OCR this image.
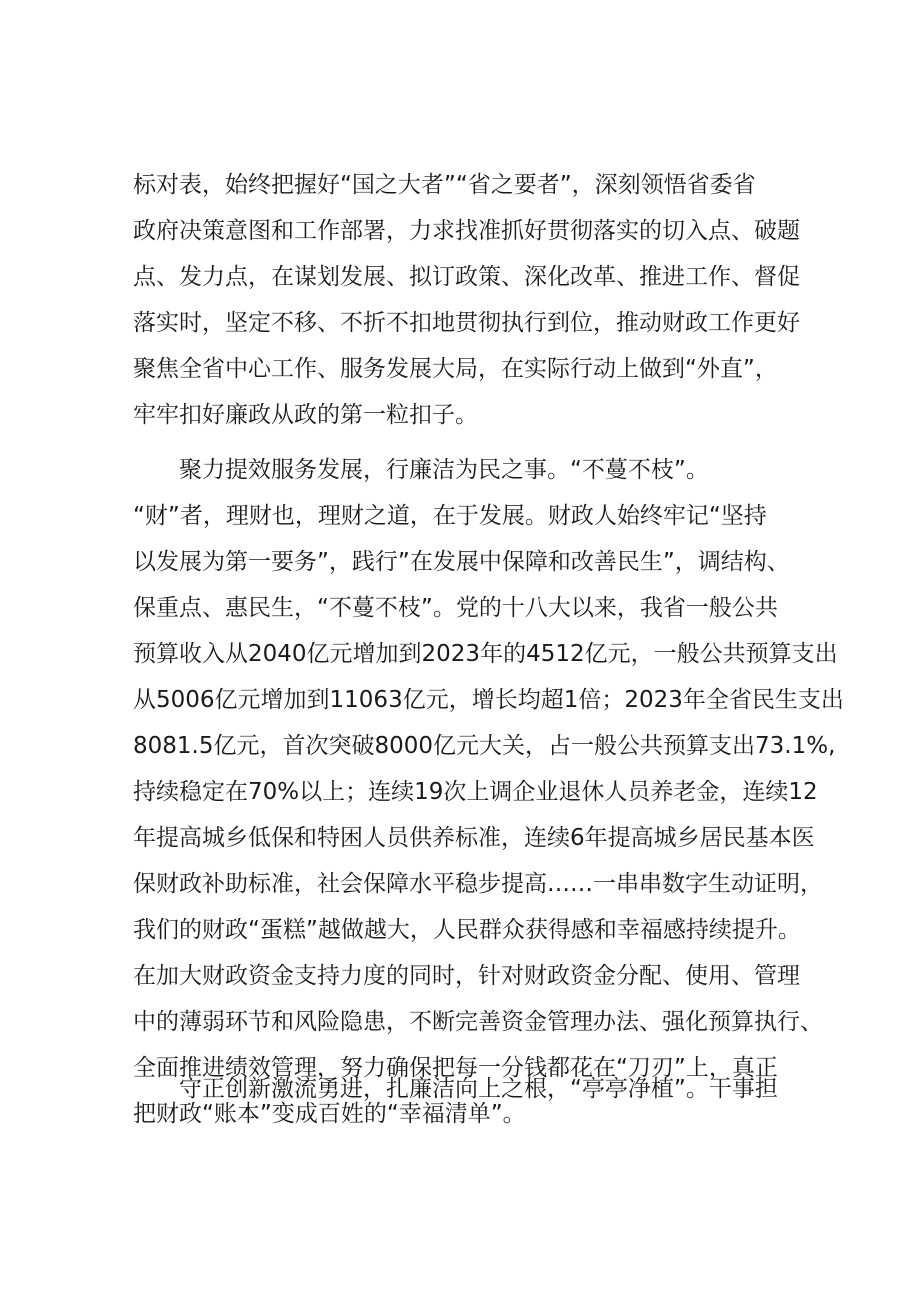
标对表，始终把握好“国之大者”“省之要者”，深刻领悟省委省
政府决策意图和工作部署，力求找准抓好贯彻落实的切入点、破题
点、发力点，在谋划发展、拟订政策、深化改革、推进工作、督促
落实时，坚定不移、不折不扣地贯彻执行到位，推动财政工作更好
聚焦全省中心工作、服务发展大局，在实际行动上做到“外直”，
牢牢扣好廉政从政的第一粒扣子。
聚力提效服务发展，行廉洁为民之事。“不蔓不枝”。
“财”者，理财也，理财之道，在于发展。财政人始终牢记“坚持
以发展为第一要务”，践行”在发展中保障和改善民生”，调结构、
保重点、惠民生，“不蔓不枝”。党的十八大以来，我省一般公共
预算收入从2040亿元增加到2023年的4512亿元，一般公共预算支出
从5006亿元增加到11063亿元，增长均超1倍；2023年全省民生支出
8081.5亿元，首次突破8000亿元大关，占一般公共预算支出73.1%,
持续稳定在70%以上；连续19次上调企业退休人员养老金，连续12
年提高城乡低保和特困人员供养标准，连续6年提高城乡居民基本医
保财政补助标准，社会保障水平稳步提高……一串串数字生动证明，
我们的财政“蛋糕”越做越大，人民群众获得感和幸福感持续提升。
在加大财政资金支持力度的同时，针对财政资金分配、使用、管理
中的薄弱环节和风险隐患，不断完善资金管理办法、强化预算执行、
全面推进绩效管理，努力确保把每一分钱都花在“刀刃”上，真正
把财政“账本”变成百姓的“幸福清单”。
守正创新激流勇进，扎廉洁向上之根，“亭亭净植”。干事担
